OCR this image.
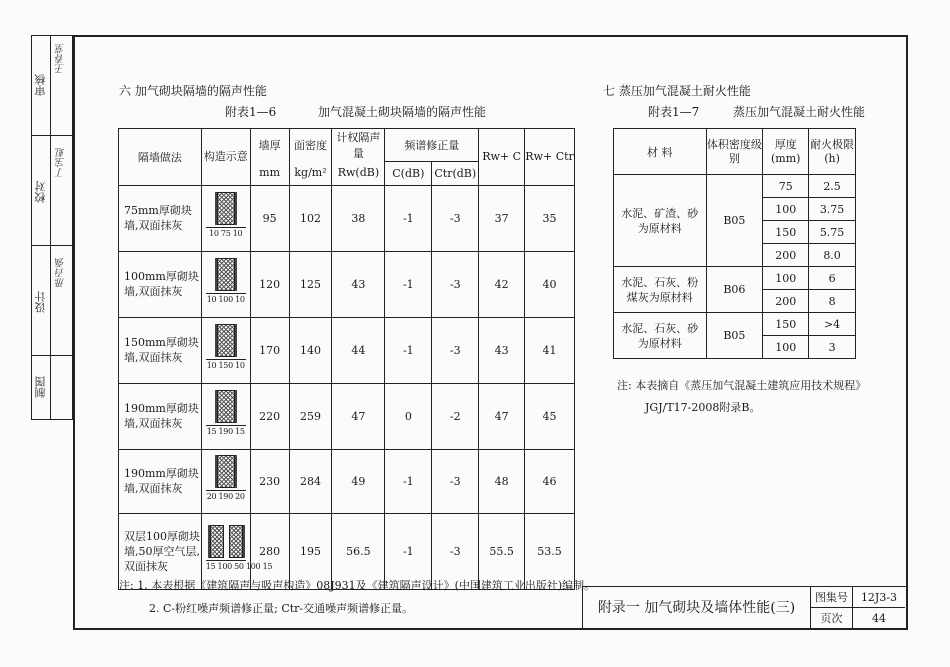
审核
王春堂
校对
丁宝虹
设计
邢召强
制图
六 加气砌块隔墙的隔声性能
附表1—6	加气混凝土砌块隔墙的隔声性能
隔墙做法	构造示意	墙厚	面密度	计权隔声量	频谱修正量		Rw+ C	Rw+ Ctr
		mm	kg/m²	Rw(dB)	C(dB)	Ctr(dB)		
75mm厚砌块墙,双面抹灰	10 75 10	95	102	38	-1	-3	37	35
100mm厚砌块墙,双面抹灰	10 100 10	120	125	43	-1	-3	42	40
150mm厚砌块墙,双面抹灰	10 150 10	170	140	44	-1	-3	43	41
190mm厚砌块墙,双面抹灰	15 190 15	220	259	47	0	-2	47	45
190mm厚砌块墙,双面抹灰	20 190 20	230	284	49	-1	-3	48	46
双层100厚砌块墙,50厚空气层,双面抹灰	15 100 50 100 15	280	195	56.5	-1	-3	55.5	53.5
注: 1. 本表根据《建筑隔声与吸声构造》08J931及《建筑隔声设计》(中国建筑工业出版社)编制。
2. C-粉红噪声频谱修正量; Ctr-交通噪声频谱修正量。
七 蒸压加气混凝土耐火性能
附表1—7	蒸压加气混凝土耐火性能
材 料	体积密度级别	厚度(mm)	耐火极限(h)
水泥、矿渣、砂为原材料	B05	75	2.5
		100	3.75
		150	5.75
		200	8.0
水泥、石灰、粉煤灰为原材料	B06	100	6
		200	8
水泥、石灰、砂为原材料	B05	150	>4
		100	3
注: 本表摘自《蒸压加气混凝土建筑应用技术规程》
JGJ/T17-2008附录B。
附录一 加气砌块及墙体性能(三)
图集号	12J3-3
页次	44
